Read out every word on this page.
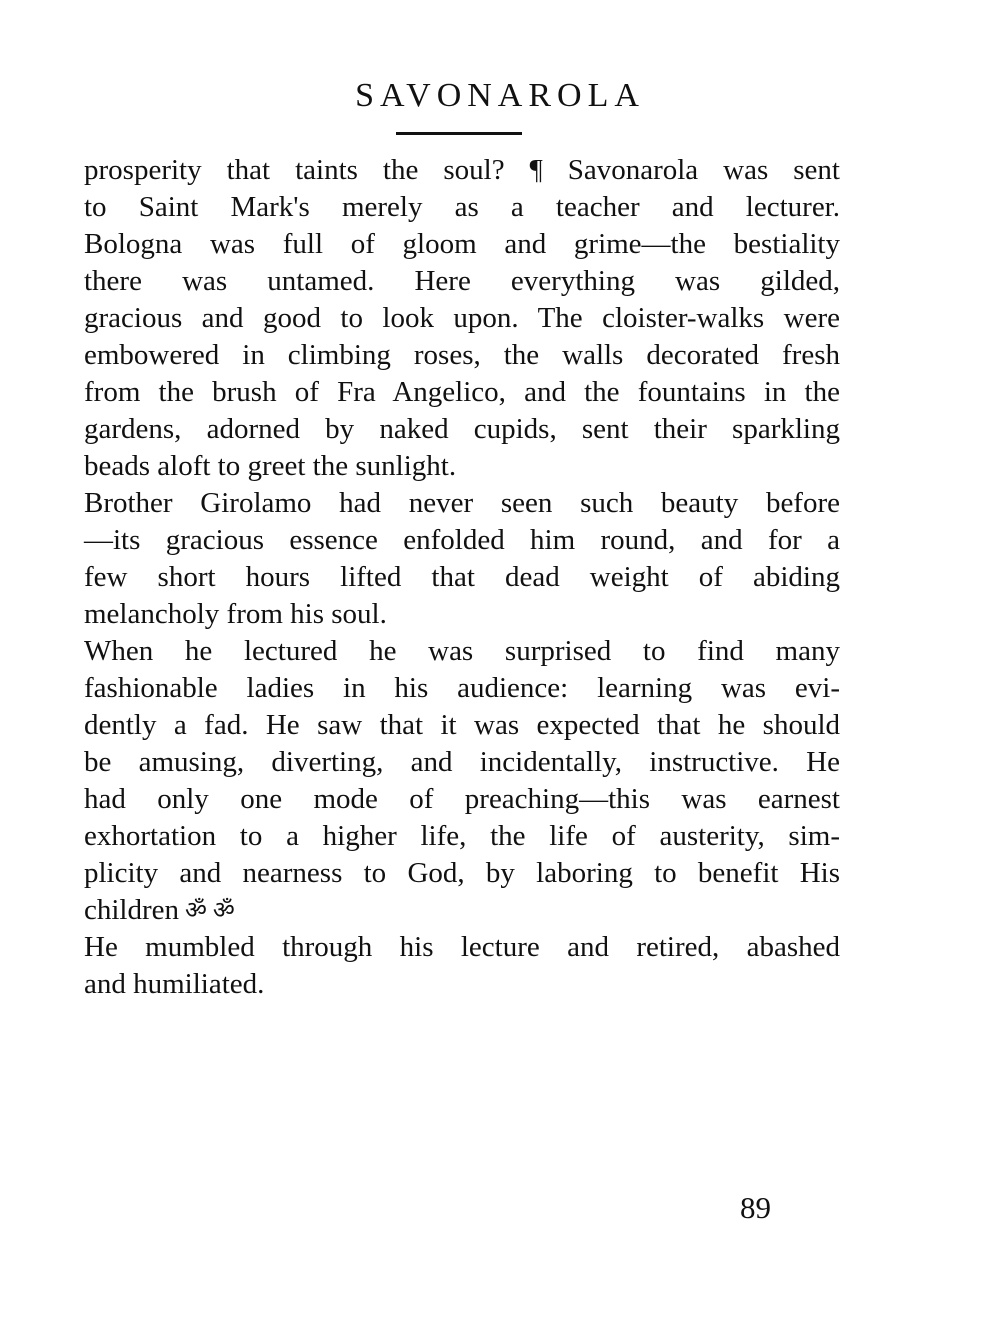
SAVONAROLA
prosperity that taints the soul? ¶ Savonarola was sent
to Saint Mark's merely as a teacher and lecturer.
Bologna was full of gloom and grime—the bestiality
there was untamed. Here everything was gilded,
gracious and good to look upon. The cloister-walks were
embowered in climbing roses, the walls decorated fresh
from the brush of Fra Angelico, and the fountains in the
gardens, adorned by naked cupids, sent their sparkling
beads aloft to greet the sunlight.
Brother Girolamo had never seen such beauty before
—its gracious essence enfolded him round, and for a
few short hours lifted that dead weight of abiding
melancholy from his soul.
When he lectured he was surprised to find many
fashionable ladies in his audience: learning was evi-
dently a fad. He saw that it was expected that he should
be amusing, diverting, and incidentally, instructive. He
had only one mode of preaching—this was earnest
exhortation to a higher life, the life of austerity, sim-
plicity and nearness to God, by laboring to benefit His
children ॐ ॐ
He mumbled through his lecture and retired, abashed
and humiliated.
89
